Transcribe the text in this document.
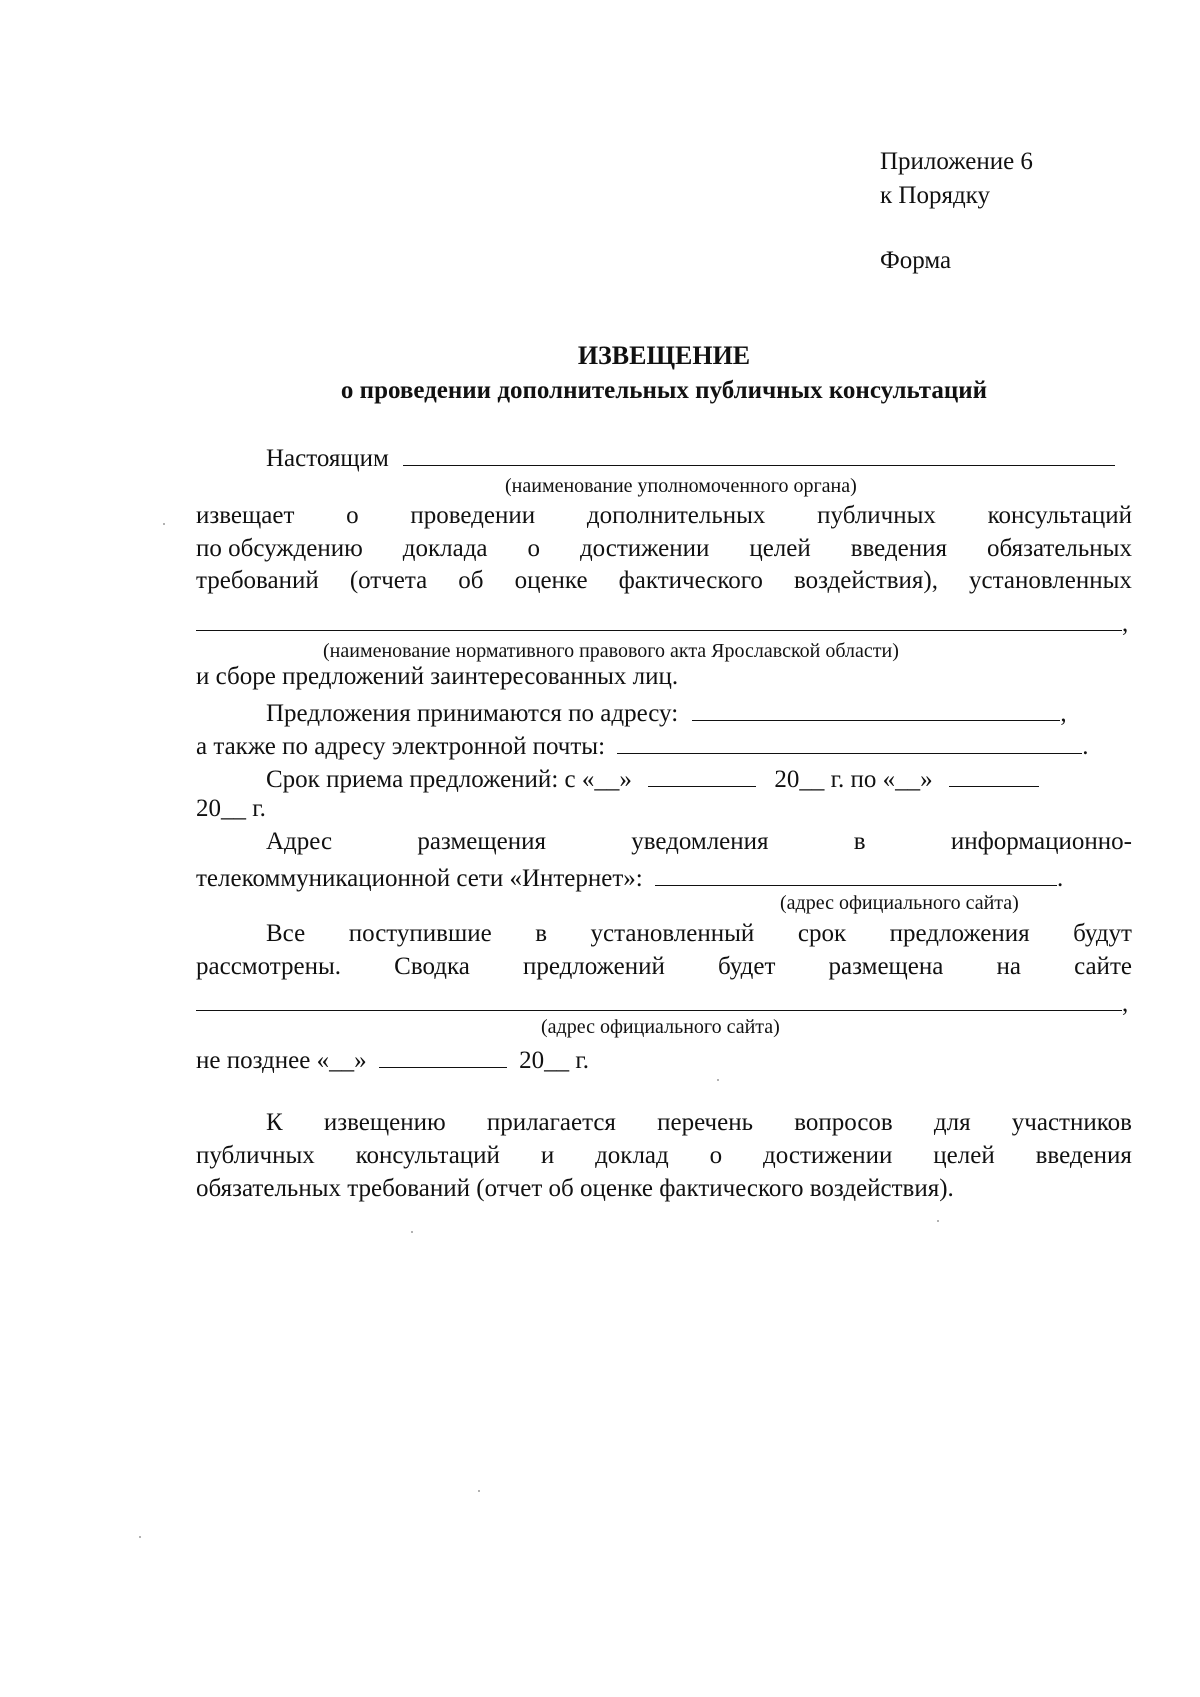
Приложение 6
к Порядку
Форма
ИЗВЕЩЕНИЕ
о проведении дополнительных публичных консультаций
Настоящим
(наименование уполномоченного органа)
извещает о проведении дополнительных публичных консультаций
по обсуждению доклада о достижении целей введения обязательных
требований (отчета об оценке фактического воздействия), установленных
,
(наименование нормативного правового акта Ярославской области)
и сборе предложений заинтересованных лиц.
Предложения принимаются по адресу:	,
а также по адресу электронной почты:	.
Срок приема предложений: с «__»	20__ г. по «__»
20__ г.
Адрес	размещения	уведомления	в	информационно-
телекоммуникационной сети «Интернет»:	.
(адрес официального сайта)
Все поступившие в установленный срок предложения будут
рассмотрены. Сводка предложений будет размещена на сайте
,
(адрес официального сайта)
не позднее «__»	20__ г.
К извещению прилагается перечень вопросов для участников
публичных консультаций и доклад о достижении целей введения
обязательных требований (отчет об оценке фактического воздействия).
